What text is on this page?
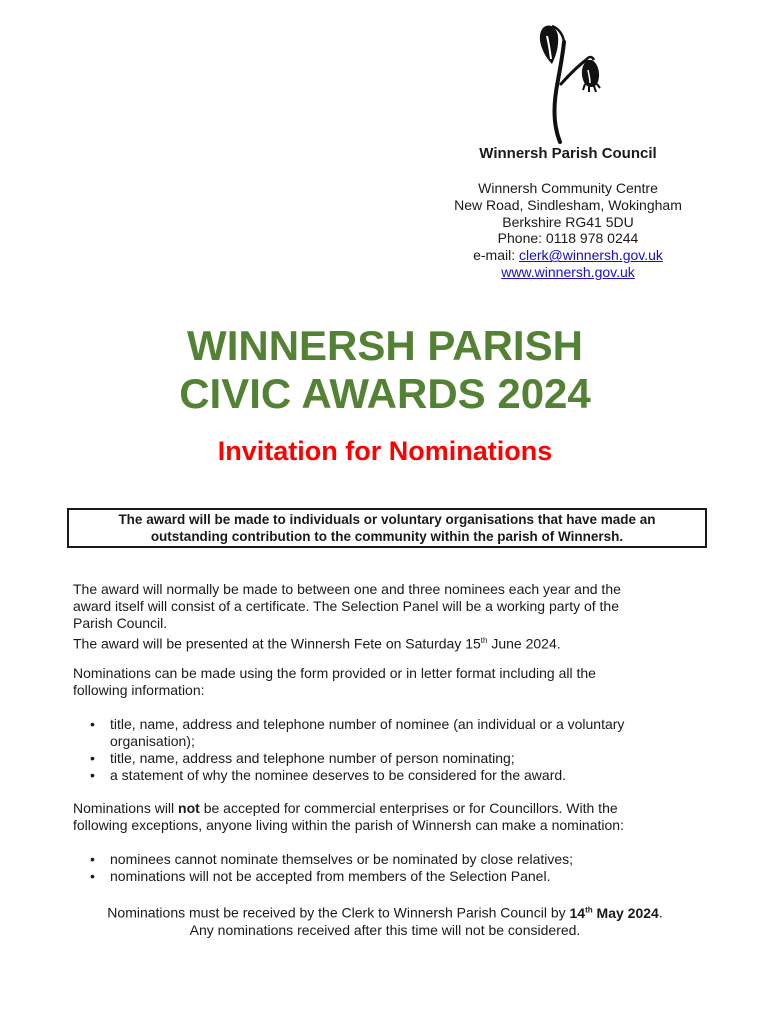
Winnersh Parish Council
Winnersh Community Centre
New Road, Sindlesham, Wokingham
Berkshire RG41 5DU
Phone: 0118 978 0244
e-mail: clerk@winnersh.gov.uk
www.winnersh.gov.uk
WINNERSH PARISH
CIVIC AWARDS 2024
Invitation for Nominations
The award will be made to individuals or voluntary organisations that have made an
outstanding contribution to the community within the parish of Winnersh.
The award will normally be made to between one and three nominees each year and the
award itself will consist of a certificate. The Selection Panel will be a working party of the
Parish Council.
The award will be presented at the Winnersh Fete on Saturday 15th June 2024.
Nominations can be made using the form provided or in letter format including all the
following information:
• title, name, address and telephone number of nominee (an individual or a voluntary
organisation);
• title, name, address and telephone number of person nominating;
• a statement of why the nominee deserves to be considered for the award.
Nominations will not be accepted for commercial enterprises or for Councillors. With the
following exceptions, anyone living within the parish of Winnersh can make a nomination:
• nominees cannot nominate themselves or be nominated by close relatives;
• nominations will not be accepted from members of the Selection Panel.
Nominations must be received by the Clerk to Winnersh Parish Council by 14th May 2024.
Any nominations received after this time will not be considered.
